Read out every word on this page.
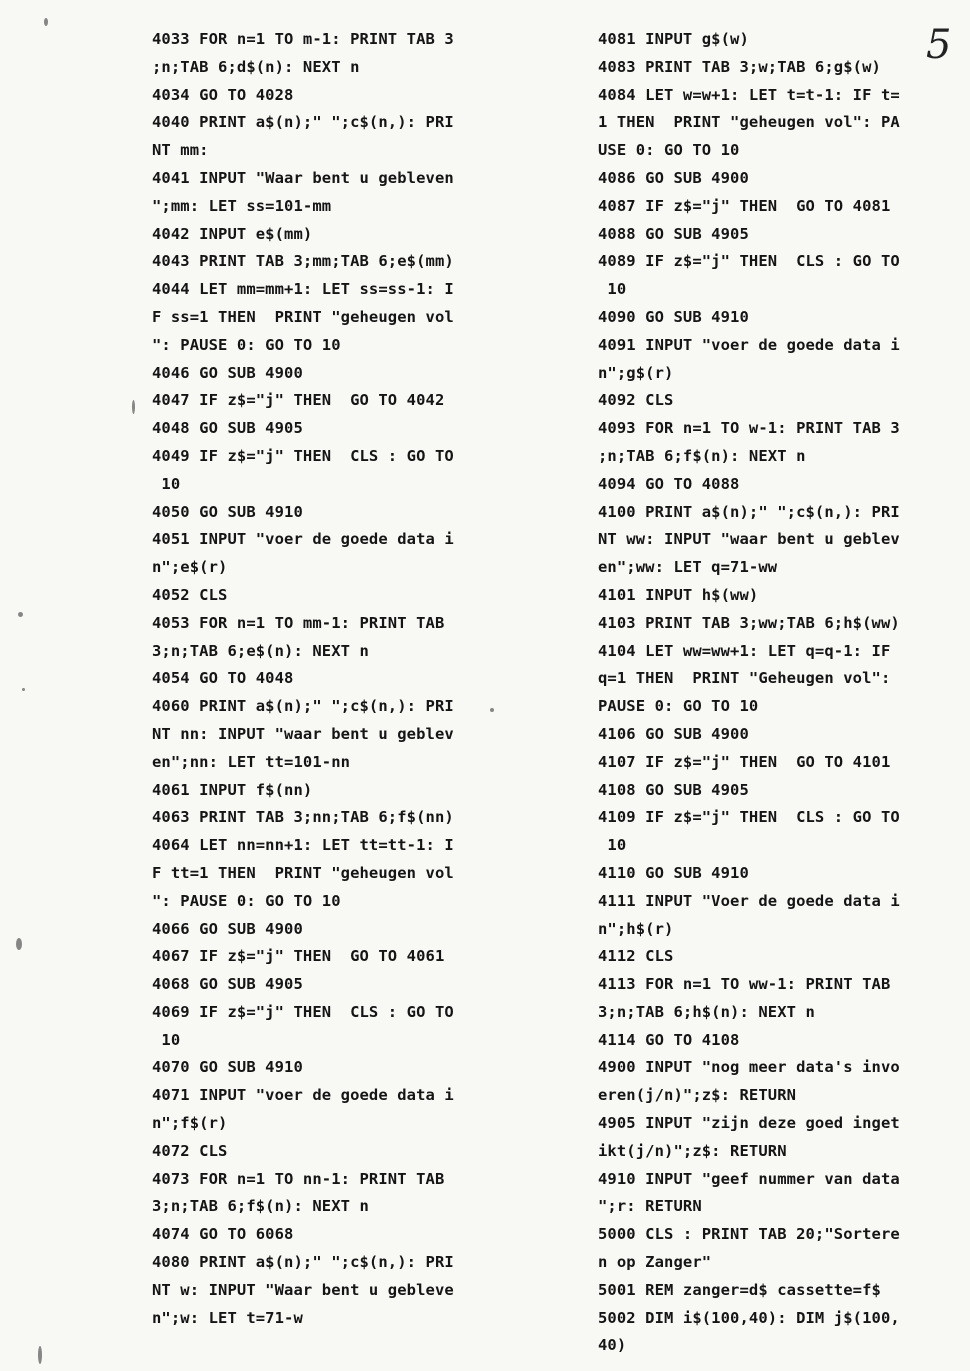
5
4033 FOR n=1 TO m-1: PRINT TAB 3
;n;TAB 6;d$(n): NEXT n
4034 GO TO 4028
4040 PRINT a$(n);" ";c$(n,): PRI
NT mm:
4041 INPUT "Waar bent u gebleven
";mm: LET ss=101-mm
4042 INPUT e$(mm)
4043 PRINT TAB 3;mm;TAB 6;e$(mm)
4044 LET mm=mm+1: LET ss=ss-1: I
F ss=1 THEN  PRINT "geheugen vol
": PAUSE 0: GO TO 10
4046 GO SUB 4900
4047 IF z$="j" THEN  GO TO 4042
4048 GO SUB 4905
4049 IF z$="j" THEN  CLS : GO TO
10
4050 GO SUB 4910
4051 INPUT "voer de goede data i
n";e$(r)
4052 CLS
4053 FOR n=1 TO mm-1: PRINT TAB
3;n;TAB 6;e$(n): NEXT n
4054 GO TO 4048
4060 PRINT a$(n);" ";c$(n,): PRI
NT nn: INPUT "waar bent u geblev
en";nn: LET tt=101-nn
4061 INPUT f$(nn)
4063 PRINT TAB 3;nn;TAB 6;f$(nn)
4064 LET nn=nn+1: LET tt=tt-1: I
F tt=1 THEN  PRINT "geheugen vol
": PAUSE 0: GO TO 10
4066 GO SUB 4900
4067 IF z$="j" THEN  GO TO 4061
4068 GO SUB 4905
4069 IF z$="j" THEN  CLS : GO TO
10
4070 GO SUB 4910
4071 INPUT "voer de goede data i
n";f$(r)
4072 CLS
4073 FOR n=1 TO nn-1: PRINT TAB
3;n;TAB 6;f$(n): NEXT n
4074 GO TO 6068
4080 PRINT a$(n);" ";c$(n,): PRI
NT w: INPUT "Waar bent u gebleve
n";w: LET t=71-w
4081 INPUT g$(w)
4083 PRINT TAB 3;w;TAB 6;g$(w)
4084 LET w=w+1: LET t=t-1: IF t=
1 THEN  PRINT "geheugen vol": PA
USE 0: GO TO 10
4086 GO SUB 4900
4087 IF z$="j" THEN  GO TO 4081
4088 GO SUB 4905
4089 IF z$="j" THEN  CLS : GO TO
10
4090 GO SUB 4910
4091 INPUT "voer de goede data i
n";g$(r)
4092 CLS
4093 FOR n=1 TO w-1: PRINT TAB 3
;n;TAB 6;f$(n): NEXT n
4094 GO TO 4088
4100 PRINT a$(n);" ";c$(n,): PRI
NT ww: INPUT "waar bent u geblev
en";ww: LET q=71-ww
4101 INPUT h$(ww)
4103 PRINT TAB 3;ww;TAB 6;h$(ww)
4104 LET ww=ww+1: LET q=q-1: IF
q=1 THEN  PRINT "Geheugen vol":
PAUSE 0: GO TO 10
4106 GO SUB 4900
4107 IF z$="j" THEN  GO TO 4101
4108 GO SUB 4905
4109 IF z$="j" THEN  CLS : GO TO
10
4110 GO SUB 4910
4111 INPUT "Voer de goede data i
n";h$(r)
4112 CLS
4113 FOR n=1 TO ww-1: PRINT TAB
3;n;TAB 6;h$(n): NEXT n
4114 GO TO 4108
4900 INPUT "nog meer data's invo
eren(j/n)";z$: RETURN
4905 INPUT "zijn deze goed inget
ikt(j/n)";z$: RETURN
4910 INPUT "geef nummer van data
";r: RETURN
5000 CLS : PRINT TAB 20;"Sortere
n op Zanger"
5001 REM zanger=d$ cassette=f$
5002 DIM i$(100,40): DIM j$(100,
40)
